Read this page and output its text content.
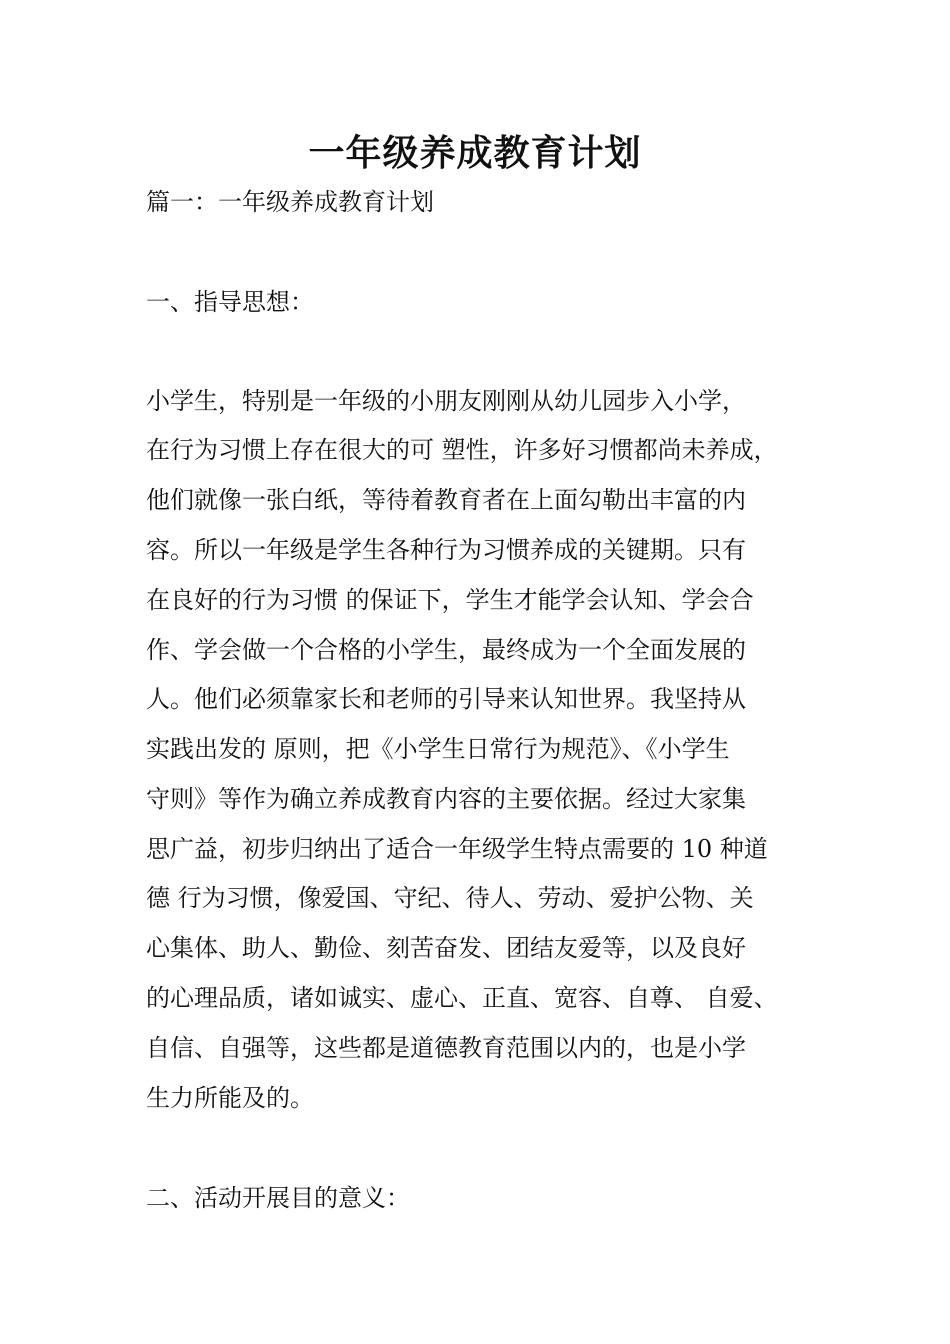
一年级养成教育计划

篇一：一年级养成教育计划

一、指导思想：

小学生，特别是一年级的小朋友刚刚从幼儿园步入小学，

在行为习惯上存在很大的可 塑性，许多好习惯都尚未养成，

他们就像一张白纸，等待着教育者在上面勾勒出丰富的内

容。所以一年级是学生各种行为习惯养成的关键期。只有

在良好的行为习惯 的保证下，学生才能学会认知、学会合

作、学会做一个合格的小学生，最终成为一个全面发展的

人。他们必须靠家长和老师的引导来认知世界。我坚持从

实践出发的 原则，把《小学生日常行为规范》、《小学生

守则》等作为确立养成教育内容的主要依据。经过大家集

思广益，初步归纳出了适合一年级学生特点需要的 10 种道

德 行为习惯，像爱国、守纪、待人、劳动、爱护公物、关

心集体、助人、勤俭、刻苦奋发、团结友爱等，以及良好

的心理品质，诸如诚实、虚心、正直、宽容、自尊、 自爱、

自信、自强等，这些都是道德教育范围以内的，也是小学

生力所能及的。

二、活动开展目的意义：
